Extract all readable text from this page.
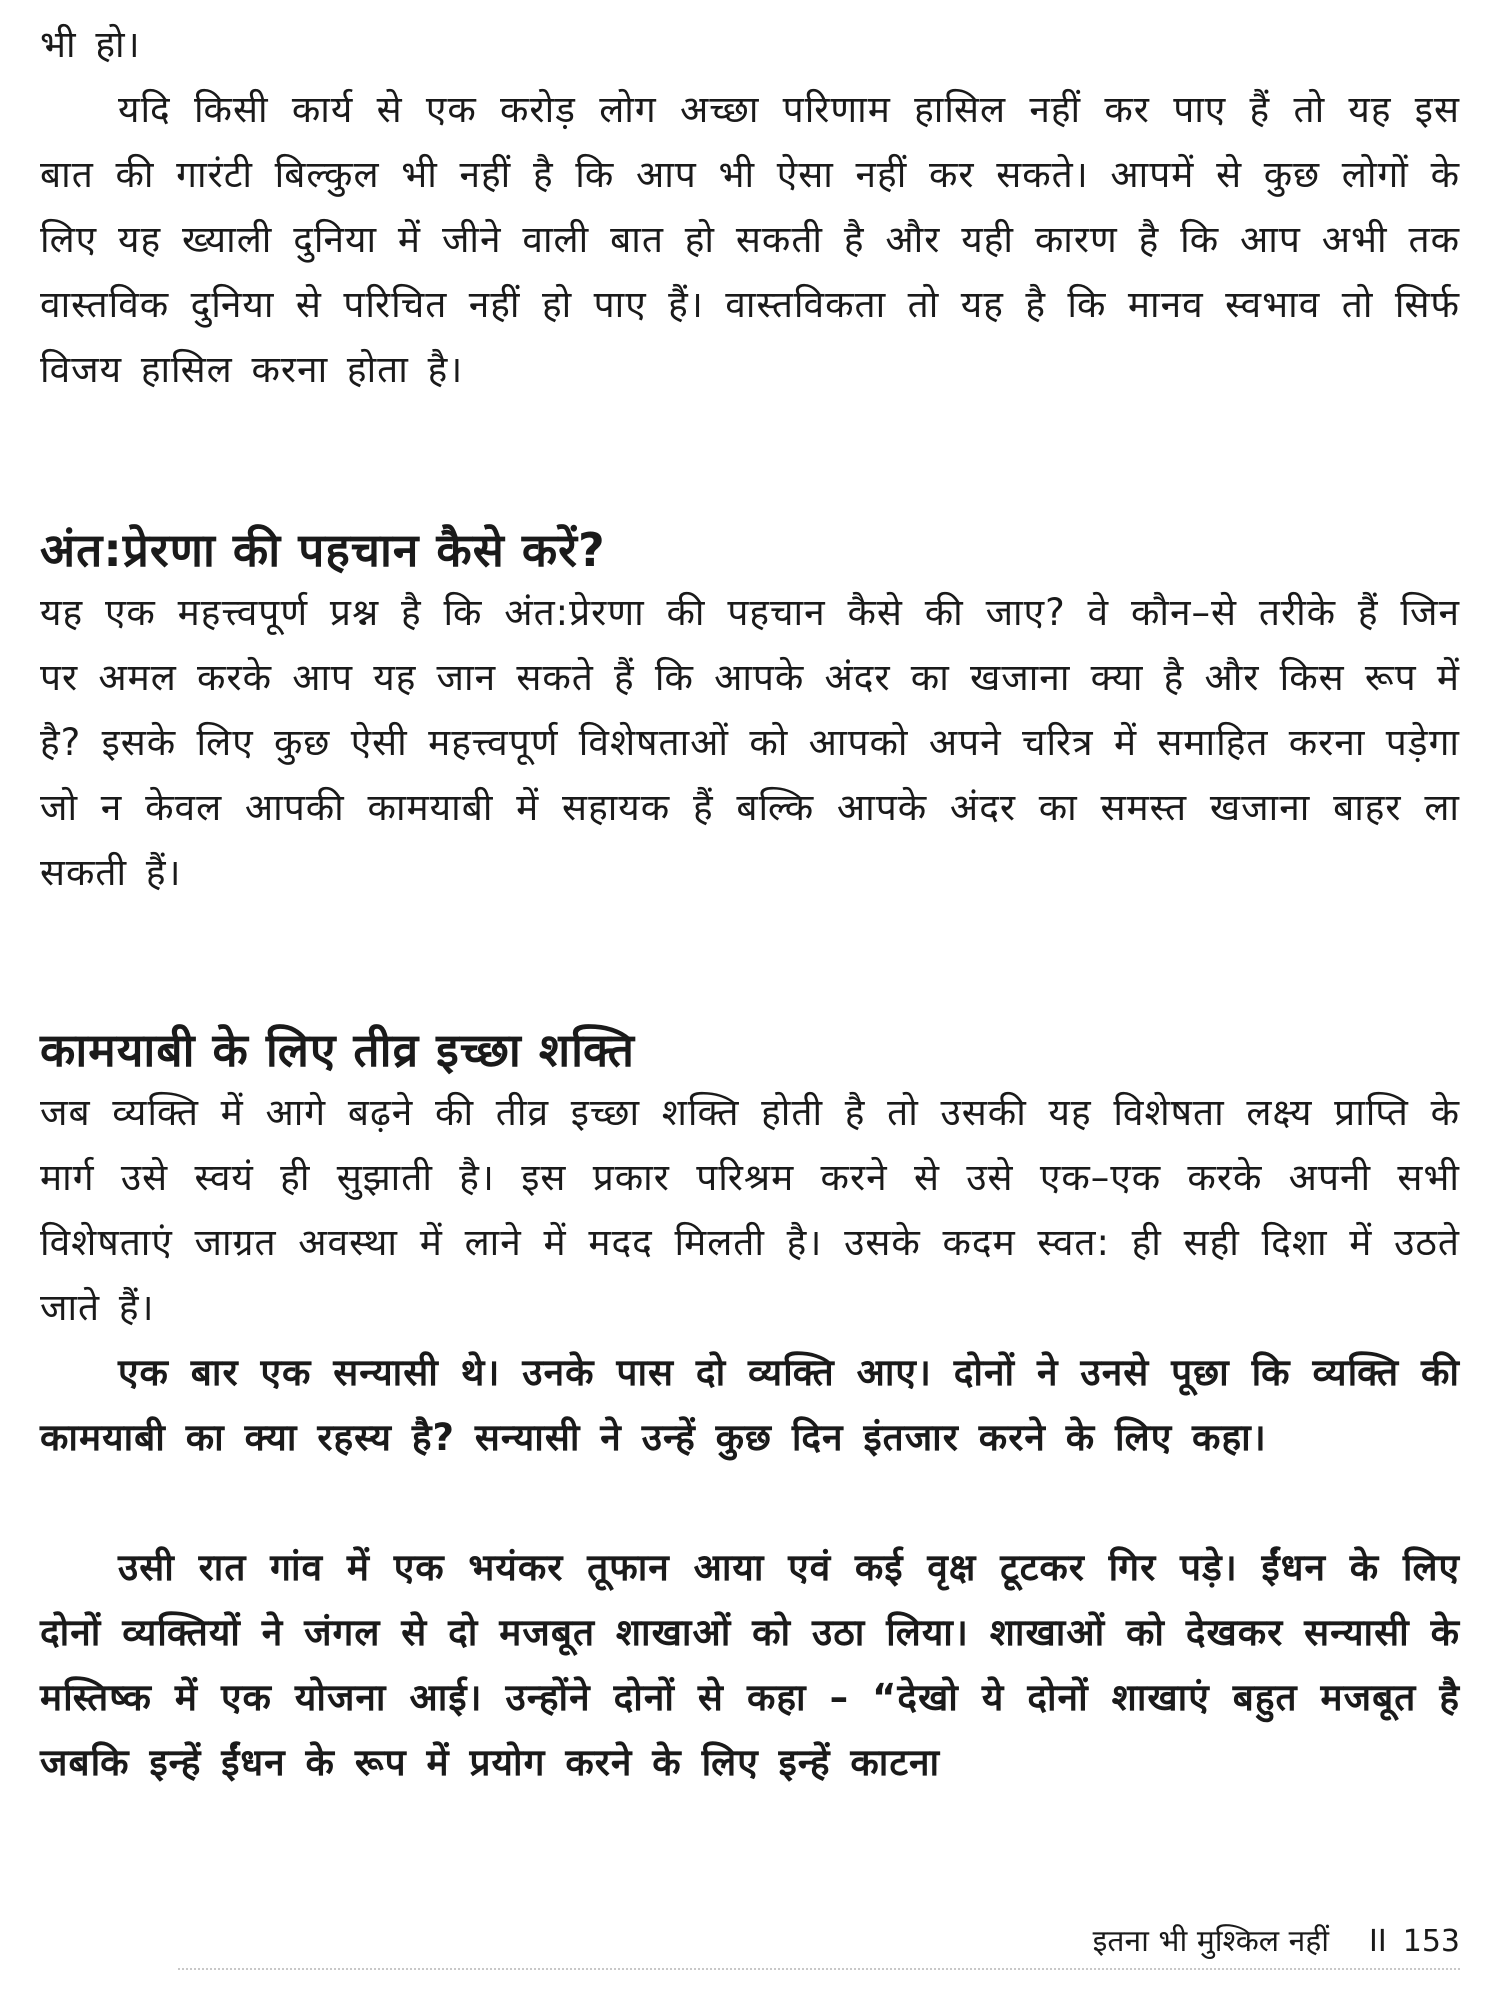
भी हो।

यदि किसी कार्य से एक करोड़ लोग अच्छा परिणाम हासिल नहीं कर पाए हैं तो यह इस बात की गारंटी बिल्कुल भी नहीं है कि आप भी ऐसा नहीं कर सकते। आपमें से कुछ लोगों के लिए यह ख्याली दुनिया में जीने वाली बात हो सकती है और यही कारण है कि आप अभी तक वास्तविक दुनिया से परिचित नहीं हो पाए हैं। वास्तविकता तो यह है कि मानव स्वभाव तो सिर्फ विजय हासिल करना होता है।

अंत:प्रेरणा की पहचान कैसे करें?

यह एक महत्त्वपूर्ण प्रश्न है कि अंत:प्रेरणा की पहचान कैसे की जाए? वे कौन–से तरीके हैं जिन पर अमल करके आप यह जान सकते हैं कि आपके अंदर का खजाना क्या है और किस रूप में है? इसके लिए कुछ ऐसी महत्त्वपूर्ण विशेषताओं को आपको अपने चरित्र में समाहित करना पड़ेगा जो न केवल आपकी कामयाबी में सहायक हैं बल्कि आपके अंदर का समस्त खजाना बाहर ला सकती हैं।

कामयाबी के लिए तीव्र इच्छा शक्ति

जब व्यक्ति में आगे बढ़ने की तीव्र इच्छा शक्ति होती है तो उसकी यह विशेषता लक्ष्य प्राप्ति के मार्ग उसे स्वयं ही सुझाती है। इस प्रकार परिश्रम करने से उसे एक–एक करके अपनी सभी विशेषताएं जाग्रत अवस्था में लाने में मदद मिलती है। उसके कदम स्वत: ही सही दिशा में उठते जाते हैं।

एक बार एक सन्यासी थे। उनके पास दो व्यक्ति आए। दोनों ने उनसे पूछा कि व्यक्ति की कामयाबी का क्या रहस्य है? सन्यासी ने उन्हें कुछ दिन इंतजार करने के लिए कहा।

उसी रात गांव में एक भयंकर तूफान आया एवं कई वृक्ष टूटकर गिर पड़े। ईंधन के लिए दोनों व्यक्तियों ने जंगल से दो मजबूत शाखाओं को उठा लिया। शाखाओं को देखकर सन्यासी के मस्तिष्क में एक योजना आई। उन्होंने दोनों से कहा – “देखो ये दोनों शाखाएं बहुत मजबूत है जबकि इन्हें ईंधन के रूप में प्रयोग करने के लिए इन्हें काटना

इतना भी मुश्किल नहीं II 153
